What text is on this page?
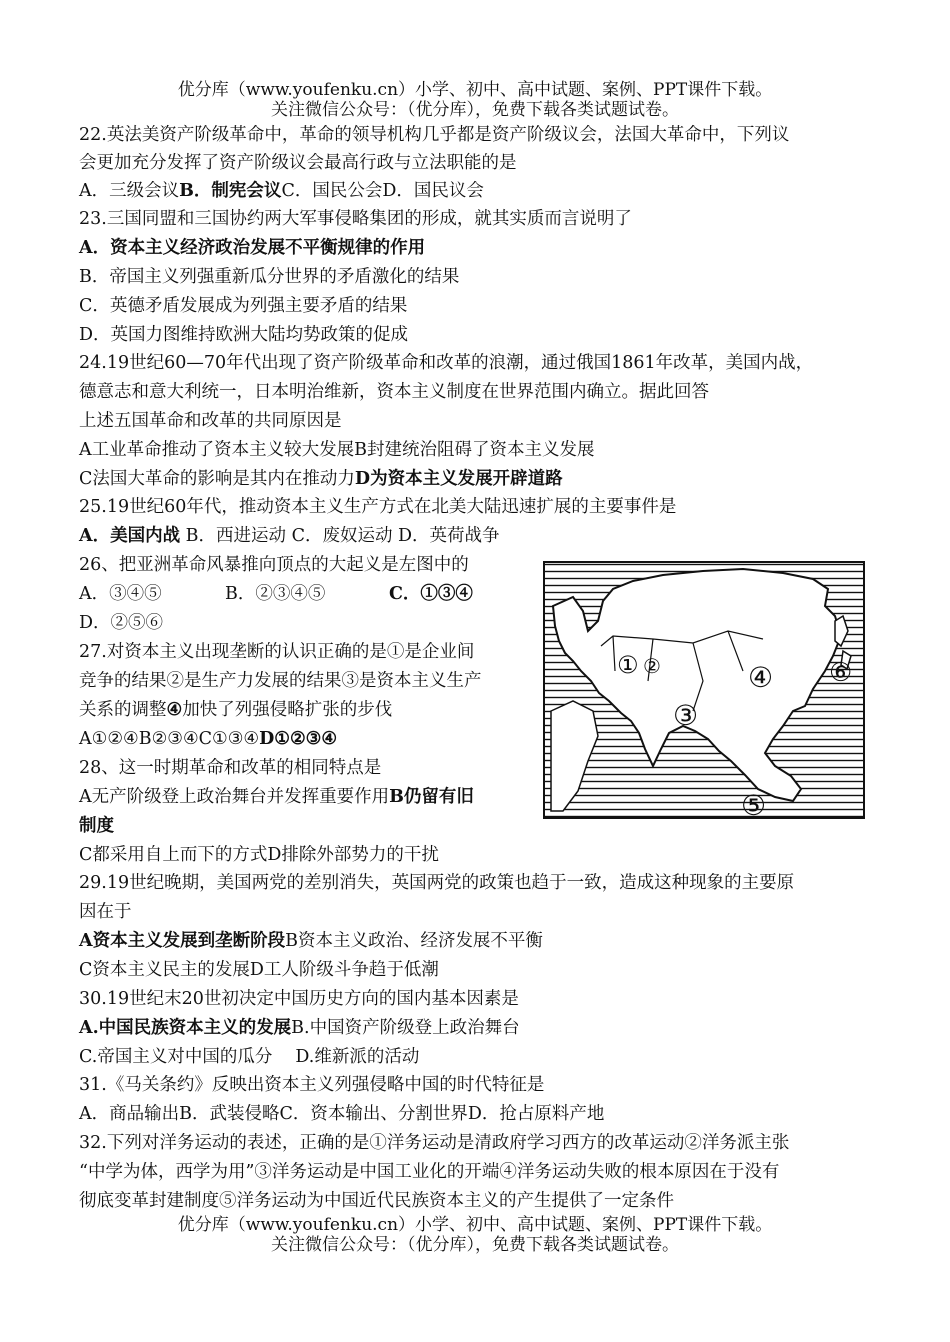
优分库（www.youfenku.cn）小学、初中、高中试题、案例、PPT课件下载。
关注微信公众号：（优分库），免费下载各类试题试卷。
22.英法美资产阶级革命中，革命的领导机构几乎都是资产阶级议会，法国大革命中，下列议
会更加充分发挥了资产阶级议会最高行政与立法职能的是
A．三级会议B．制宪会议C．国民公会D．国民议会
23.三国同盟和三国协约两大军事侵略集团的形成，就其实质而言说明了
A．资本主义经济政治发展不平衡规律的作用
B．帝国主义列强重新瓜分世界的矛盾激化的结果
C．英德矛盾发展成为列强主要矛盾的结果
D．英国力图维持欧洲大陆均势政策的促成
24.19世纪60—70年代出现了资产阶级革命和改革的浪潮，通过俄国1861年改革，美国内战，
德意志和意大利统一，日本明治维新，资本主义制度在世界范围内确立。据此回答
上述五国革命和改革的共同原因是
A工业革命推动了资本主义较大发展B封建统治阻碍了资本主义发展
C法国大革命的影响是其内在推动力D为资本主义发展开辟道路
25.19世纪60年代，推动资本主义生产方式在北美大陆迅速扩展的主要事件是
A．美国内战 B．西进运动 C．废奴运动 D．英荷战争
26、把亚洲革命风暴推向顶点的大起义是左图中的
A．③④⑤	B．②③④⑤	C．①③④
D．②⑤⑥
27.对资本主义出现垄断的认识正确的是①是企业间
竞争的结果②是生产力发展的结果③是资本主义生产
关系的调整④加快了列强侵略扩张的步伐
A①②④B②③④C①③④D①②③④
28、这一时期革命和改革的相同特点是
A无产阶级登上政治舞台并发挥重要作用B仍留有旧
制度
C都采用自上而下的方式D排除外部势力的干扰
29.19世纪晚期，美国两党的差别消失，英国两党的政策也趋于一致，造成这种现象的主要原
因在于
A资本主义发展到垄断阶段B资本主义政治、经济发展不平衡
C资本主义民主的发展D工人阶级斗争趋于低潮
30.19世纪末20世初决定中国历史方向的国内基本因素是
A.中国民族资本主义的发展B.中国资产阶级登上政治舞台
C.帝国主义对中国的瓜分　 D.维新派的活动
31.《马关条约》反映出资本主义列强侵略中国的时代特征是
A．商品输出B．武装侵略C．资本输出、分割世界D．抢占原料产地
32.下列对洋务运动的表述，正确的是①洋务运动是清政府学习西方的改革运动②洋务派主张
“中学为体，西学为用”③洋务运动是中国工业化的开端④洋务运动失败的根本原因在于没有
彻底变革封建制度⑤洋务运动为中国近代民族资本主义的产生提供了一定条件
优分库（www.youfenku.cn）小学、初中、高中试题、案例、PPT课件下载。
关注微信公众号：（优分库），免费下载各类试题试卷。
① ②
③
④
⑤
⑥
